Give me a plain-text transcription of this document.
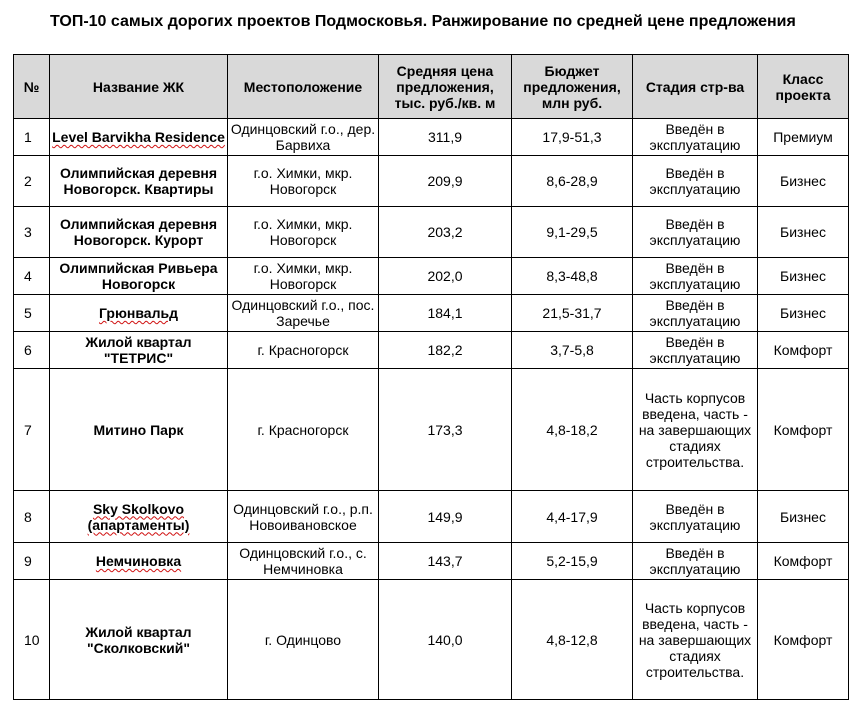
ТОП-10 самых дорогих проектов Подмосковья. Ранжирование по средней цене предложения
№	Название ЖК	Местоположение	Средняя цена предложения, тыс. руб./кв. м	Бюджет предложения, млн руб.	Стадия стр-ва	Класс проекта
1	Level Barvikha Residence	Одинцовский г.о., дер. Барвиха	311,9	17,9-51,3	Введён в эксплуатацию	Премиум
2	Олимпийская деревня Новогорск. Квартиры	г.о. Химки, мкр. Новогорск	209,9	8,6-28,9	Введён в эксплуатацию	Бизнес
3	Олимпийская деревня Новогорск. Курорт	г.о. Химки, мкр. Новогорск	203,2	9,1-29,5	Введён в эксплуатацию	Бизнес
4	Олимпийская Ривьера Новогорск	г.о. Химки, мкр. Новогорск	202,0	8,3-48,8	Введён в эксплуатацию	Бизнес
5	Грюнвальд	Одинцовский г.о., пос. Заречье	184,1	21,5-31,7	Введён в эксплуатацию	Бизнес
6	Жилой квартал "ТЕТРИС"	г. Красногорск	182,2	3,7-5,8	Введён в эксплуатацию	Комфорт
7	Митино Парк	г. Красногорск	173,3	4,8-18,2	Часть корпусов введена, часть - на завершающих стадиях строительства.	Комфорт
8	Sky Skolkovo (апартаменты)	Одинцовский г.о., р.п. Новоивановское	149,9	4,4-17,9	Введён в эксплуатацию	Бизнес
9	Немчиновка	Одинцовский г.о., с. Немчиновка	143,7	5,2-15,9	Введён в эксплуатацию	Комфорт
10	Жилой квартал "Сколковский"	г. Одинцово	140,0	4,8-12,8	Часть корпусов введена, часть - на завершающих стадиях строительства.	Комфорт
